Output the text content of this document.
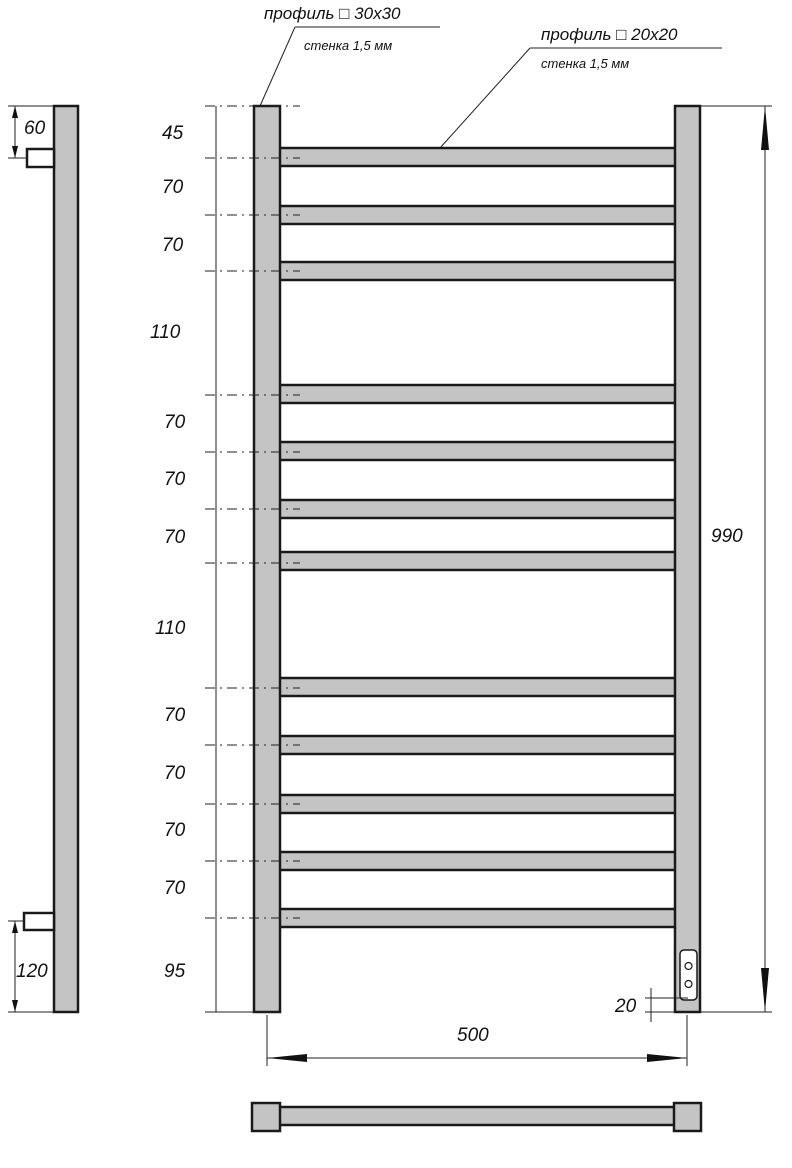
60
120
45
70
70
110
70
70
70
110
70
70
70
70
95
990
500
20
профиль □ 30x30
стенка 1,5 мм
профиль □ 20x20
стенка 1,5 мм
